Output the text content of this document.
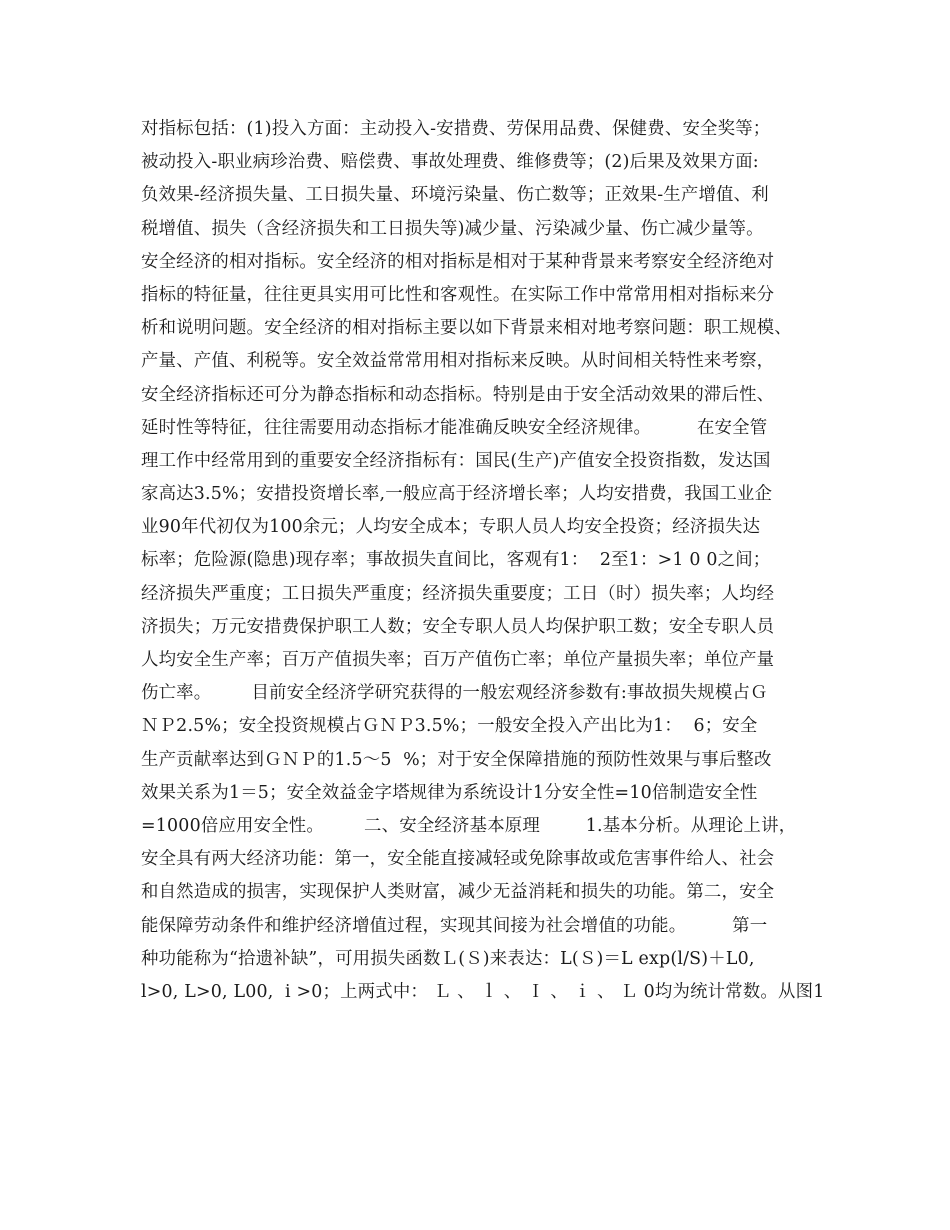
对指标包括：(1)投入方面：主动投入-安措费、劳保用品费、保健费、安全奖等；
被动投入-职业病珍治费、赔偿费、事故处理费、维修费等；(2)后果及效果方面:
负效果-经济损失量、工日损失量、环境污染量、伤亡数等；正效果-生产增值、利
税增值、损失（含经济损失和工日损失等)减少量、污染减少量、伤亡减少量等。
安全经济的相对指标。安全经济的相对指标是相对于某种背景来考察安全经济绝对
指标的特征量，往往更具实用可比性和客观性。在实际工作中常常用相对指标来分
析和说明问题。安全经济的相对指标主要以如下背景来相对地考察问题：职工规模、
产量、产值、利税等。安全效益常常用相对指标来反映。从时间相关特性来考察，
安全经济指标还可分为静态指标和动态指标。特别是由于安全活动效果的滞后性、
延时性等特征，往往需要用动态指标才能准确反映安全经济规律。        在安全管
理工作中经常用到的重要安全经济指标有：国民(生产)产值安全投资指数，发达国
家高达3.5%；安措投资增长率,一般应高于经济增长率；人均安措费，我国工业企
业90年代初仅为100余元；人均安全成本；专职人员人均安全投资；经济损失达
标率；危险源(隐患)现存率；事故损失直间比，客观有1：  2至1：>1 0 0之间；
经济损失严重度；工日损失严重度；经济损失重要度；工日（时）损失率；人均经
济损失；万元安措费保护职工人数；安全专职人员人均保护职工数；安全专职人员
人均安全生产率；百万产值损失率；百万产值伤亡率；单位产量损失率；单位产量
伤亡率。       目前安全经济学研究获得的一般宏观经济参数有:事故损失规模占Ｇ
ＮＰ2.5%；安全投资规模占ＧＮＰ3.5%；一般安全投入产出比为1：  6；安全
生产贡献率达到ＧＮＰ的1.5～5  %；对于安全保障措施的预防性效果与事后整改
效果关系为1＝5；安全效益金字塔规律为系统设计1分安全性=10倍制造安全性
=1000倍应用安全性。       二、安全经济基本原理        1.基本分析。从理论上讲，
安全具有两大经济功能：第一，安全能直接减轻或免除事故或危害事件给人、社会
和自然造成的损害，实现保护人类财富，减少无益消耗和损失的功能。第二，安全
能保障劳动条件和维护经济增值过程，实现其间接为社会增值的功能。        第一
种功能称为“拾遗补缺”，可用损失函数Ｌ(Ｓ)来表达：L(Ｓ)＝L exp(l/S)＋L0,
l>0, L>0, L00,  i >0；上两式中： Ｌ 、 ｌ 、 Ｉ 、 ｉ 、 Ｌ 0均为统计常数。从图1
